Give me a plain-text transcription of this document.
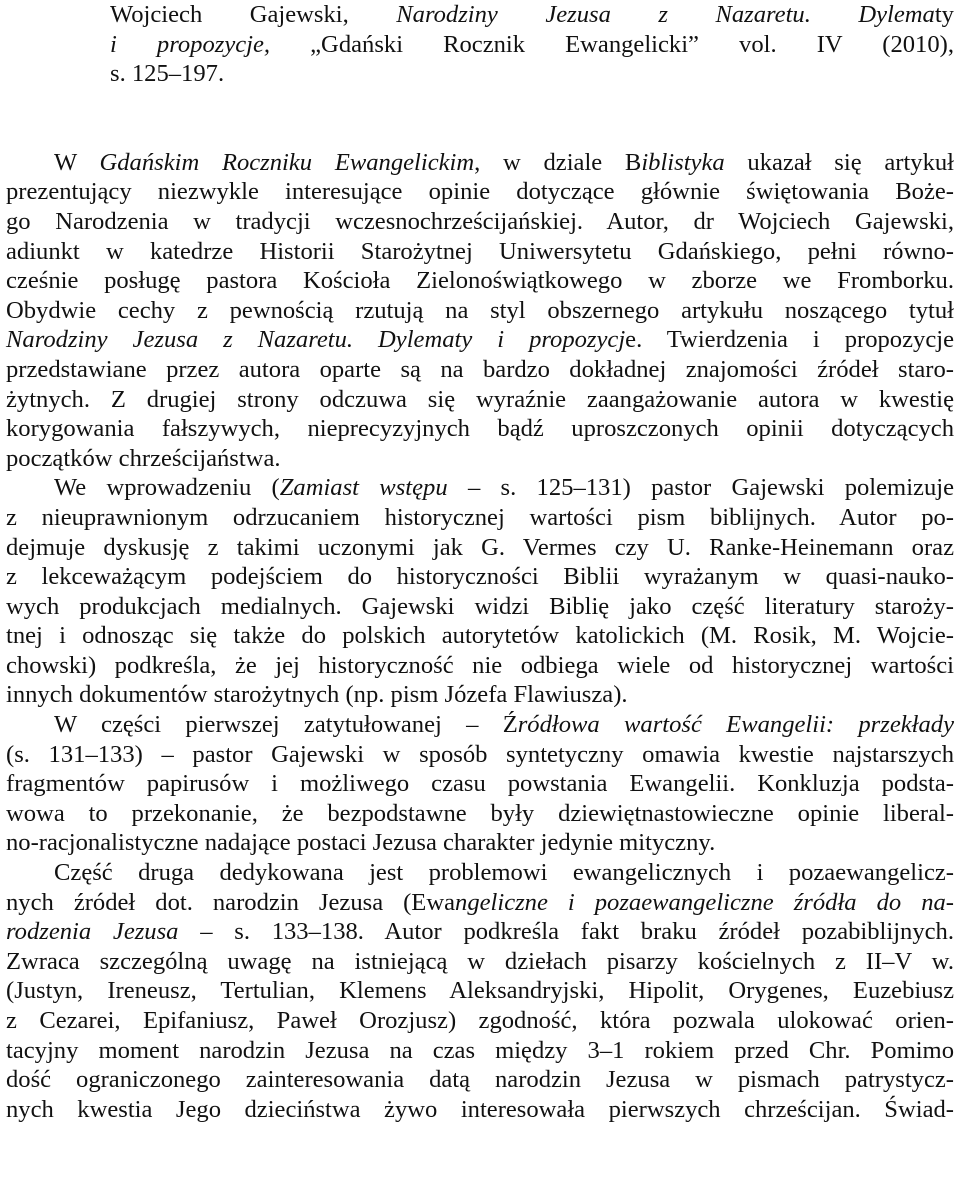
Wojciech Gajewski, Narodziny Jezusa z Nazaretu. Dylematy
i propozycje, „Gdański Rocznik Ewangelicki” vol. IV (2010),
s. 125–197.
W Gdańskim Roczniku Ewangelickim, w dziale Biblistyka ukazał się artykuł
prezentujący niezwykle interesujące opinie dotyczące głównie świętowania Boże-
go Narodzenia w tradycji wczesnochrześcijańskiej. Autor, dr Wojciech Gajewski,
adiunkt w katedrze Historii Starożytnej Uniwersytetu Gdańskiego, pełni równo-
cześnie posługę pastora Kościoła Zielonoświątkowego w zborze we Fromborku.
Obydwie cechy z pewnością rzutują na styl obszernego artykułu noszącego tytuł
Narodziny Jezusa z Nazaretu. Dylematy i propozycje. Twierdzenia i propozycje
przedstawiane przez autora oparte są na bardzo dokładnej znajomości źródeł staro-
żytnych. Z drugiej strony odczuwa się wyraźnie zaangażowanie autora w kwestię
korygowania fałszywych, nieprecyzyjnych bądź uproszczonych opinii dotyczących
początków chrześcijaństwa.
We wprowadzeniu (Zamiast wstępu – s. 125–131) pastor Gajewski polemizuje
z nieuprawnionym odrzucaniem historycznej wartości pism biblijnych. Autor po-
dejmuje dyskusję z takimi uczonymi jak G. Vermes czy U. Ranke-Heinemann oraz
z lekceważącym podejściem do historyczności Biblii wyrażanym w quasi-nauko-
wych produkcjach medialnych. Gajewski widzi Biblię jako część literatury staroży-
tnej i odnosząc się także do polskich autorytetów katolickich (M. Rosik, M. Wojcie-
chowski) podkreśla, że jej historyczność nie odbiega wiele od historycznej wartości
innych dokumentów starożytnych (np. pism Józefa Flawiusza).
W części pierwszej zatytułowanej – Źródłowa wartość Ewangelii: przekłady
(s. 131–133) – pastor Gajewski w sposób syntetyczny omawia kwestie najstarszych
fragmentów papirusów i możliwego czasu powstania Ewangelii. Konkluzja podsta-
wowa to przekonanie, że bezpodstawne były dziewiętnastowieczne opinie liberal-
no-racjonalistyczne nadające postaci Jezusa charakter jedynie mityczny.
Część druga dedykowana jest problemowi ewangelicznych i pozaewangelicz-
nych źródeł dot. narodzin Jezusa (Ewangeliczne i pozaewangeliczne źródła do na-
rodzenia Jezusa – s. 133–138. Autor podkreśla fakt braku źródeł pozabiblijnych.
Zwraca szczególną uwagę na istniejącą w dziełach pisarzy kościelnych z II–V w.
(Justyn, Ireneusz, Tertulian, Klemens Aleksandryjski, Hipolit, Orygenes, Euzebiusz
z Cezarei, Epifaniusz, Paweł Orozjusz) zgodność, która pozwala ulokować orien-
tacyjny moment narodzin Jezusa na czas między 3–1 rokiem przed Chr. Pomimo
dość ograniczonego zainteresowania datą narodzin Jezusa w pismach patrystycz-
nych kwestia Jego dzieciństwa żywo interesowała pierwszych chrześcijan. Świad-
